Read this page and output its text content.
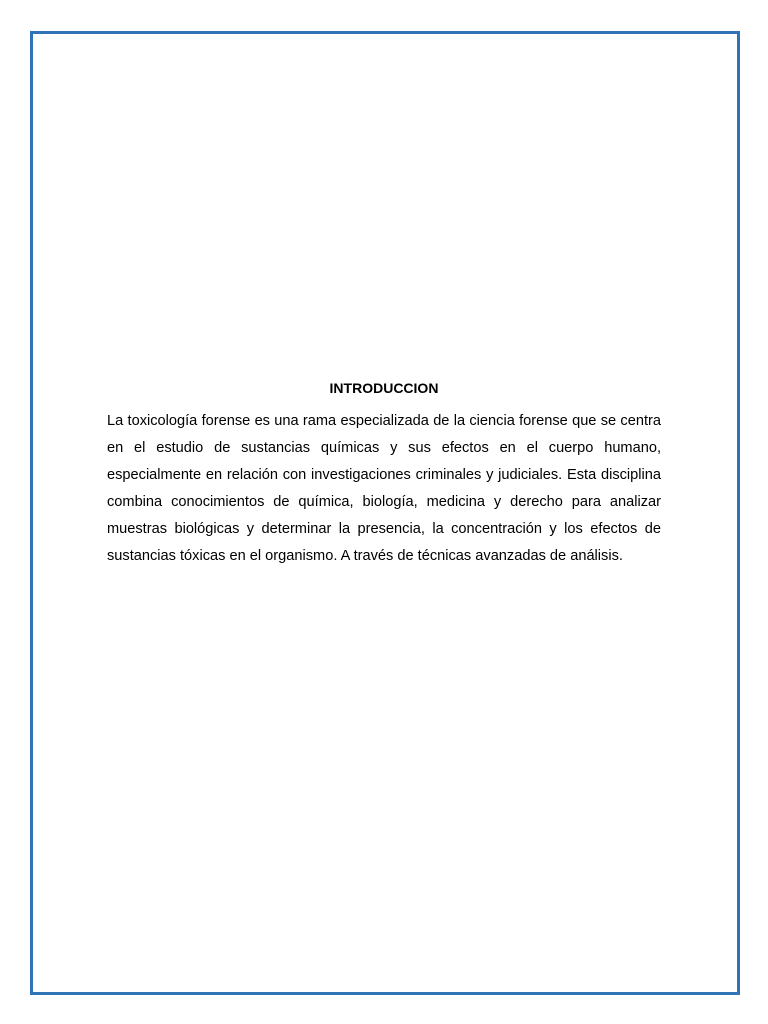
INTRODUCCION

La toxicología forense es una rama especializada de la ciencia forense que se centra en el estudio de sustancias químicas y sus efectos en el cuerpo humano, especialmente en relación con investigaciones criminales y judiciales. Esta disciplina combina conocimientos de química, biología, medicina y derecho para analizar muestras biológicas y determinar la presencia, la concentración y los efectos de sustancias tóxicas en el organismo. A través de técnicas avanzadas de análisis.
